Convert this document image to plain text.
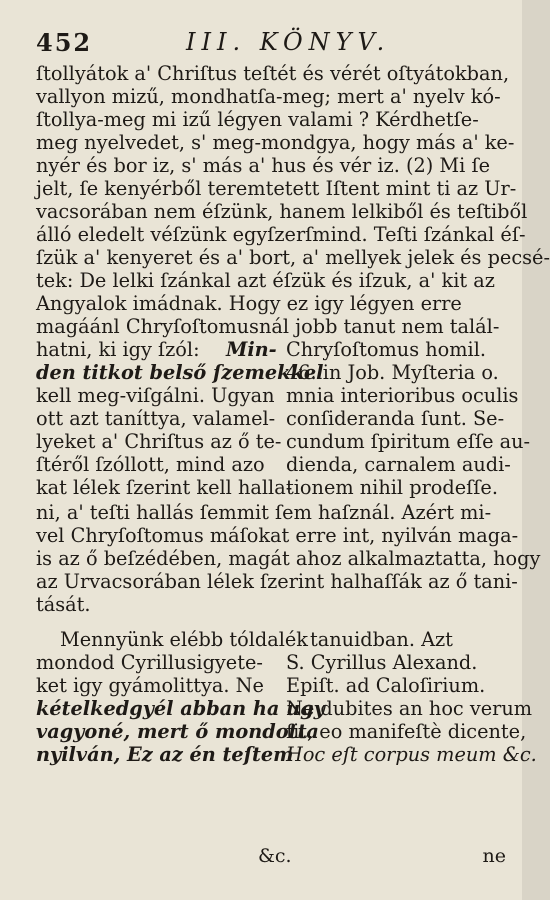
452	III. KÖNYV.
ſtollyátok a' Chriſtus teſtét és vérét oſtyátokban,
vallyon mizű, mondhatſa-meg; mert a' nyelv kó-
ſtollya-meg mi izű légyen valami ? Kérdhetſe-
meg nyelvedet, s' meg-mondgya, hogy más a' ke-
nyér és bor iz, s' más a' hus és vér iz. (2) Mi ſe
jelt, ſe kenyérből teremtetett Iſtent mint ti az Ur-
vacsorában nem éſzünk, hanem lelkiből és teſtiből
álló eledelt véſzünk egyſzerſmind. Teſti ſzánkal éſ-
ſzük a' kenyeret és a' bort, a' mellyek jelek és pecsé-
tek: De lelki ſzánkal azt éſzük és iſzuk, a' kit az
Angyalok imádnak. Hogy ez igy légyen erre
magáánl Chryſoſtomusnál jobb tanut nem talál-
hatni, ki igy ſzól:	Min-
den titkot belső ſzemekkel
kell meg-viſgálni. Ugyan
ott azt taníttya, valamel-
lyeket a' Chriſtus az ő te-
ſtéről ſzóllott, mind azo
kat lélek ſzerint kell halla-
Chryſoſtomus homil.
46. in Job. Myſteria o.
mnia interioribus oculis
conſideranda ſunt. Se-
cundum ſpiritum eſſe au-
diendа, carnalem audi-
tionem nihil prodeſſe.
ni, a' teſti hallás ſemmit ſem haſznál. Azért mi-
vel Chryſoſtomus máſokat erre int, nyilván maga-
is az ő beſzédében, magát ahoz alkalmaztatta, hogy
az Urvacsorában lélek ſzerint halhaſſák az ő tani-
tását.
Mennyünk elébb tóldalék
mondod Cyrillusigyete-
ket igy gyámolittya. Ne
kételkedgyél abban ha ugy
vagyoné, mert ő mondotta
nyilván, Ez az én teſtem
tanuidban. Azt
S. Cyrillus Alexand.
Epiſt. ad Caloſirium.
Ne dubites an hoc verum
ſit, eo manifeſtè dicente,
Hoc eſt corpus meum &c.
&c.	ne
